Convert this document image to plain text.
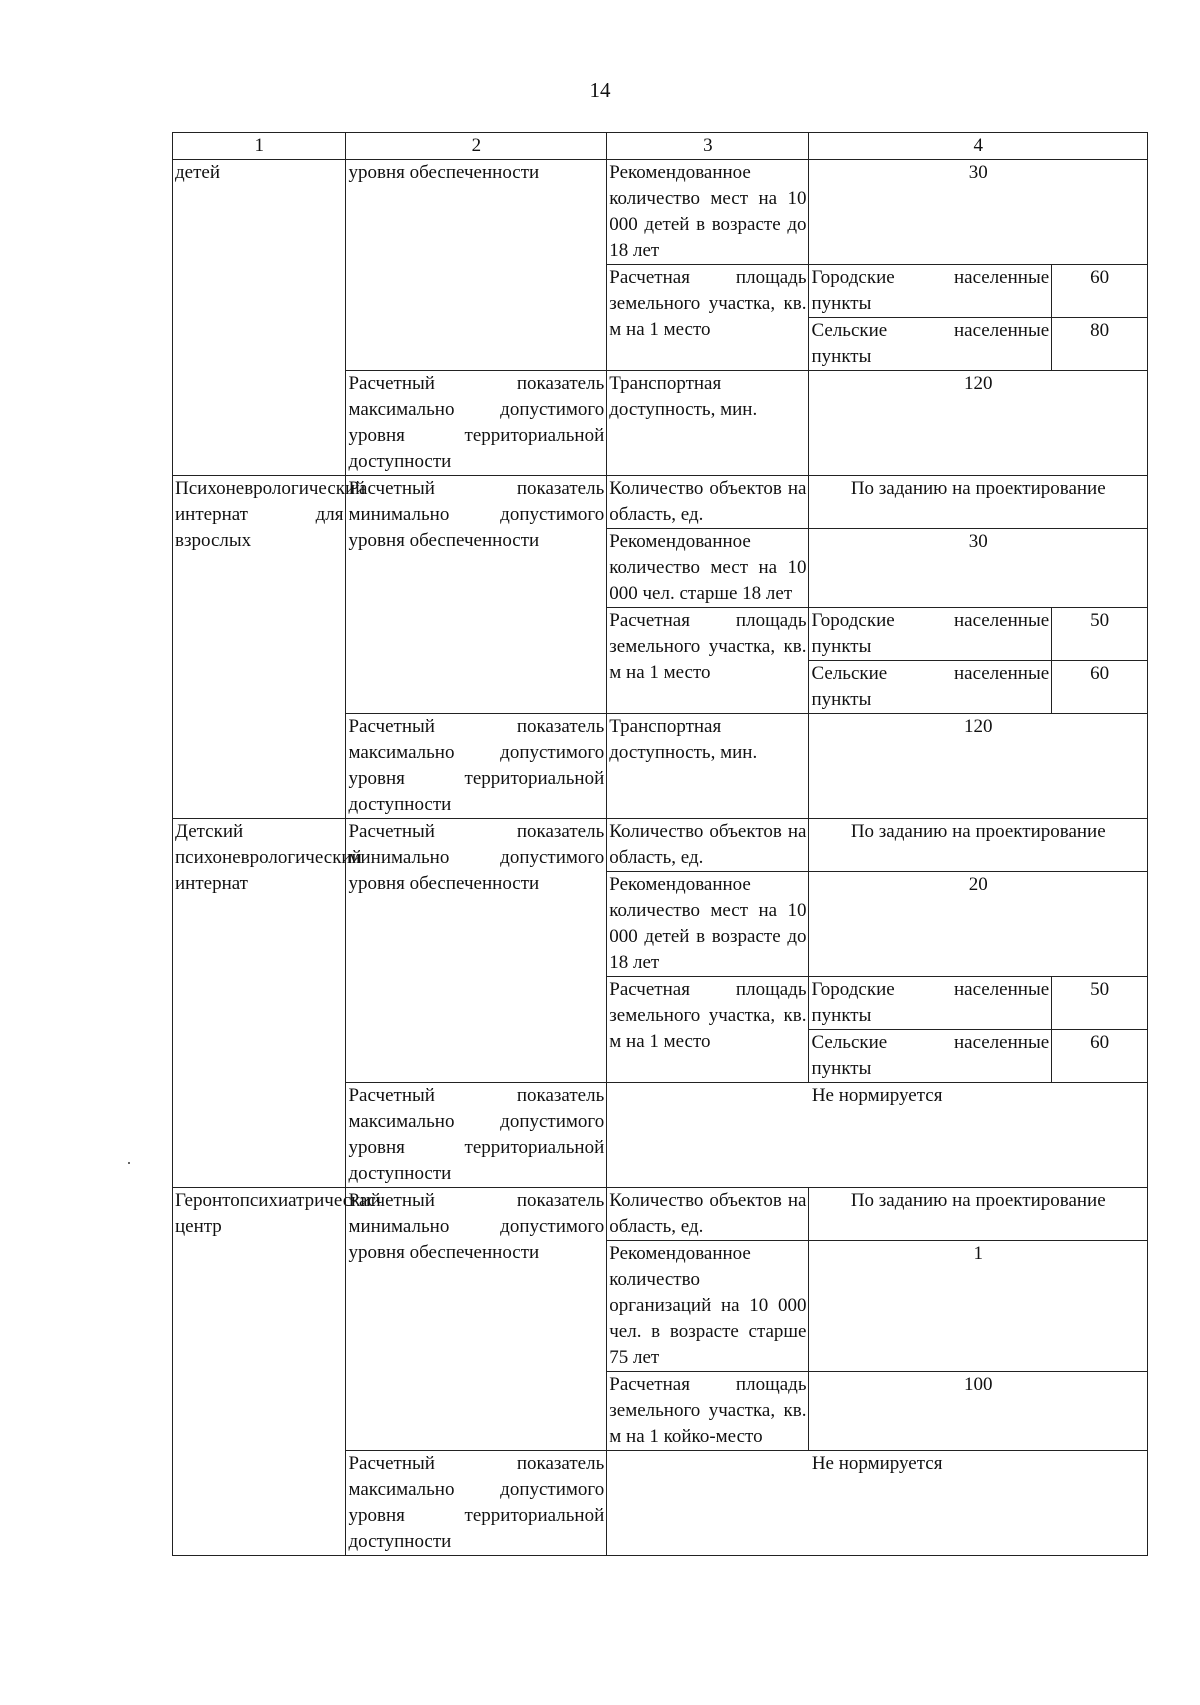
14
1	2	3	4	
детей	уровня обеспеченности	Рекомендованное количество мест на 10 000 детей в возрасте до 18 лет	30	
		Расчетная площадь земельного участка, кв. м на 1 место	Городские населенные пункты	60
			Сельские населенные пункты	80

	Расчетный показатель максимально допустимого уровня территориальной доступности	Транспортная доступность, мин.	120	
Психоневрологический интернат для взрослых	Расчетный показатель минимально допустимого уровня обеспеченности	Количество объектов на область, ед.	По заданию на проектирование	
		Рекомендованное количество мест на 10 000 чел. старше 18 лет	30	
		Расчетная площадь земельного участка, кв. м на 1 место	Городские населенные пункты	50
			Сельские населенные пункты	60
	Расчетный показатель максимально допустимого уровня территориальной доступности	Транспортная доступность, мин.	120	
Детский психоневрологический интернат	Расчетный показатель минимально допустимого уровня обеспеченности	Количество объектов на область, ед.	По заданию на проектирование	
		Рекомендованное количество мест на 10 000 детей в возрасте до 18 лет	20	
		Расчетная площадь земельного участка, кв. м на 1 место	Городские населенные пункты	50
			Сельские населенные пункты	60
	Расчетный показатель максимально допустимого уровня территориальной доступности	Не нормируется		
Геронтопсихиатрический центр	Расчетный показатель минимально допустимого уровня обеспеченности	Количество объектов на область, ед.	По заданию на проектирование	
		Рекомендованное количество организаций на 10 000 чел. в возрасте старше 75 лет	1	
		Расчетная площадь земельного участка, кв. м на 1 койко-место	100	
	Расчетный показатель максимально допустимого уровня территориальной доступности	Не нормируется		
